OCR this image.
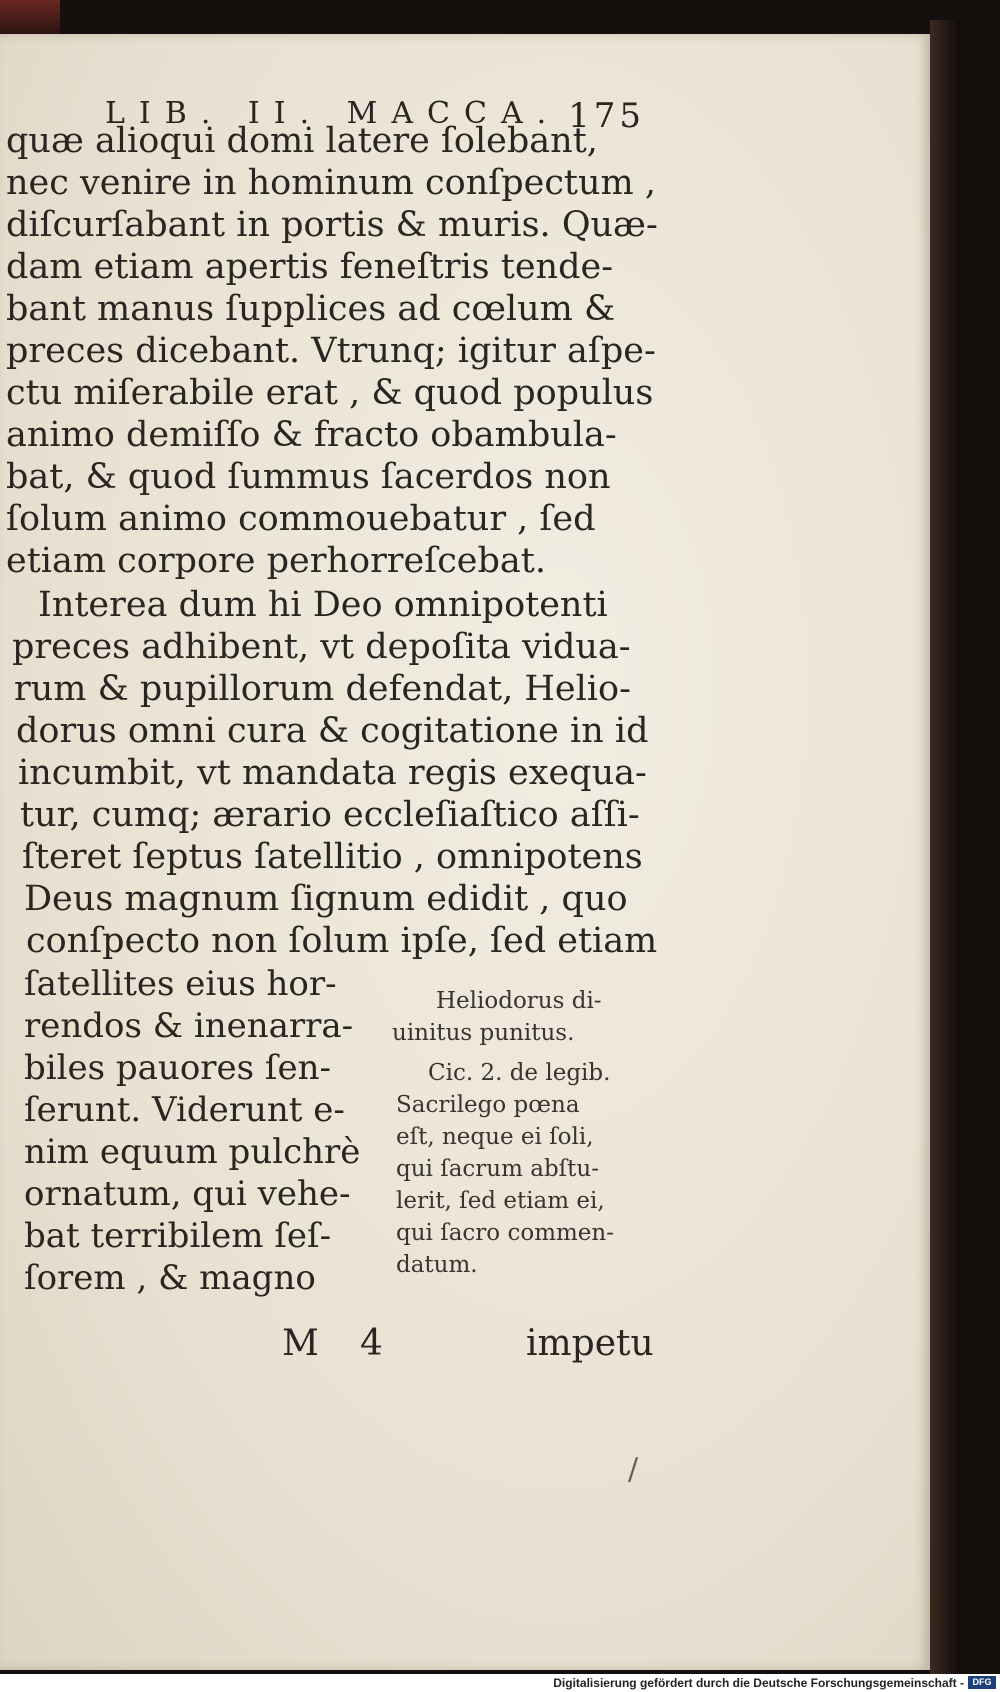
LIB. II. MACCA. 175
quæ alioqui domi latere ſolebant,
nec venire in hominum conſpectum ,
diſcurſabant in portis & muris. Quæ-
dam etiam apertis feneſtris tende-
bant manus ſupplices ad cœlum &
preces dicebant. Vtrunq; igitur aſpe-
ctu miſerabile erat , & quod populus
animo demiſſo & fracto obambula-
bat, & quod ſummus ſacerdos non
ſolum animo commouebatur , ſed
etiam corpore perhorreſcebat.
Interea dum hi Deo omnipotenti
preces adhibent, vt depoſita vidua-
rum & pupillorum defendat, Helio-
dorus omni cura & cogitatione in id
incumbit, vt mandata regis exequa-
tur, cumq; ærario eccleſiaſtico aſſi-
ſteret ſeptus ſatellitio , omnipotens
Deus magnum ſignum edidit , quo
conſpecto non ſolum ipſe, ſed etiam
ſatellites eius hor-
rendos & inenarra-
biles pauores ſen-
ſerunt. Viderunt e-
nim equum pulchrè
ornatum, qui vehe-
bat terribilem ſeſ-
ſorem , & magno
Heliodorus di-
uinitus punitus.
Cic. 2. de legib.
Sacrilego pœna
eſt, neque ei ſoli,
qui ſacrum abſtu-
lerit, ſed etiam ei,
qui ſacro commen-
datum.
M 4	impetu
/
Digitalisierung gefördert durch die Deutsche Forschungsgemeinschaft - DFG
